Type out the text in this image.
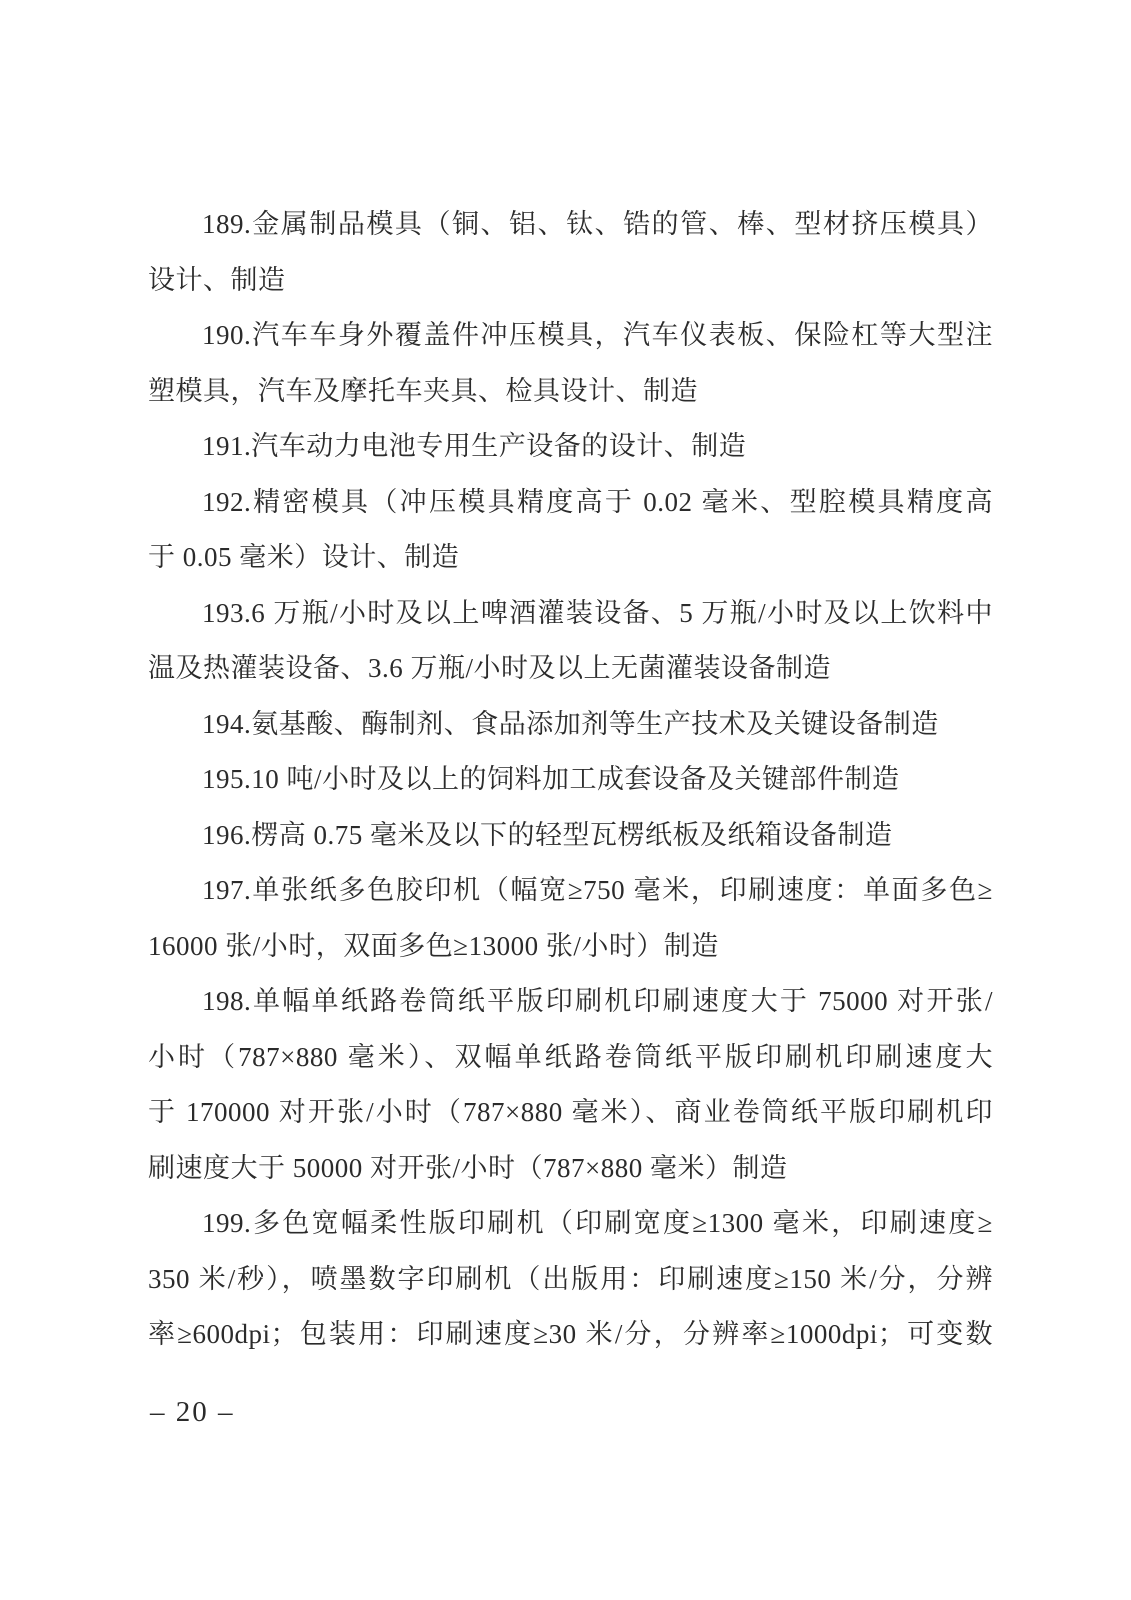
189.金属制品模具（铜、铝、钛、锆的管、棒、型材挤压模具）
设计、制造
190.汽车车身外覆盖件冲压模具，汽车仪表板、保险杠等大型注
塑模具，汽车及摩托车夹具、检具设计、制造
191.汽车动力电池专用生产设备的设计、制造
192.精密模具（冲压模具精度高于 0.02 毫米、型腔模具精度高
于 0.05 毫米）设计、制造
193.6 万瓶/小时及以上啤酒灌装设备、5 万瓶/小时及以上饮料中
温及热灌装设备、3.6 万瓶/小时及以上无菌灌装设备制造
194.氨基酸、酶制剂、食品添加剂等生产技术及关键设备制造
195.10 吨/小时及以上的饲料加工成套设备及关键部件制造
196.楞高 0.75 毫米及以下的轻型瓦楞纸板及纸箱设备制造
197.单张纸多色胶印机（幅宽≥750 毫米，印刷速度：单面多色≥
16000 张/小时，双面多色≥13000 张/小时）制造
198.单幅单纸路卷筒纸平版印刷机印刷速度大于 75000 对开张/
小时（787×880 毫米）、双幅单纸路卷筒纸平版印刷机印刷速度大
于 170000 对开张/小时（787×880 毫米）、商业卷筒纸平版印刷机印
刷速度大于 50000 对开张/小时（787×880 毫米）制造
199.多色宽幅柔性版印刷机（印刷宽度≥1300 毫米，印刷速度≥
350 米/秒），喷墨数字印刷机（出版用：印刷速度≥150 米/分，分辨
率≥600dpi；包装用：印刷速度≥30 米/分，分辨率≥1000dpi；可变数
– 20 –
